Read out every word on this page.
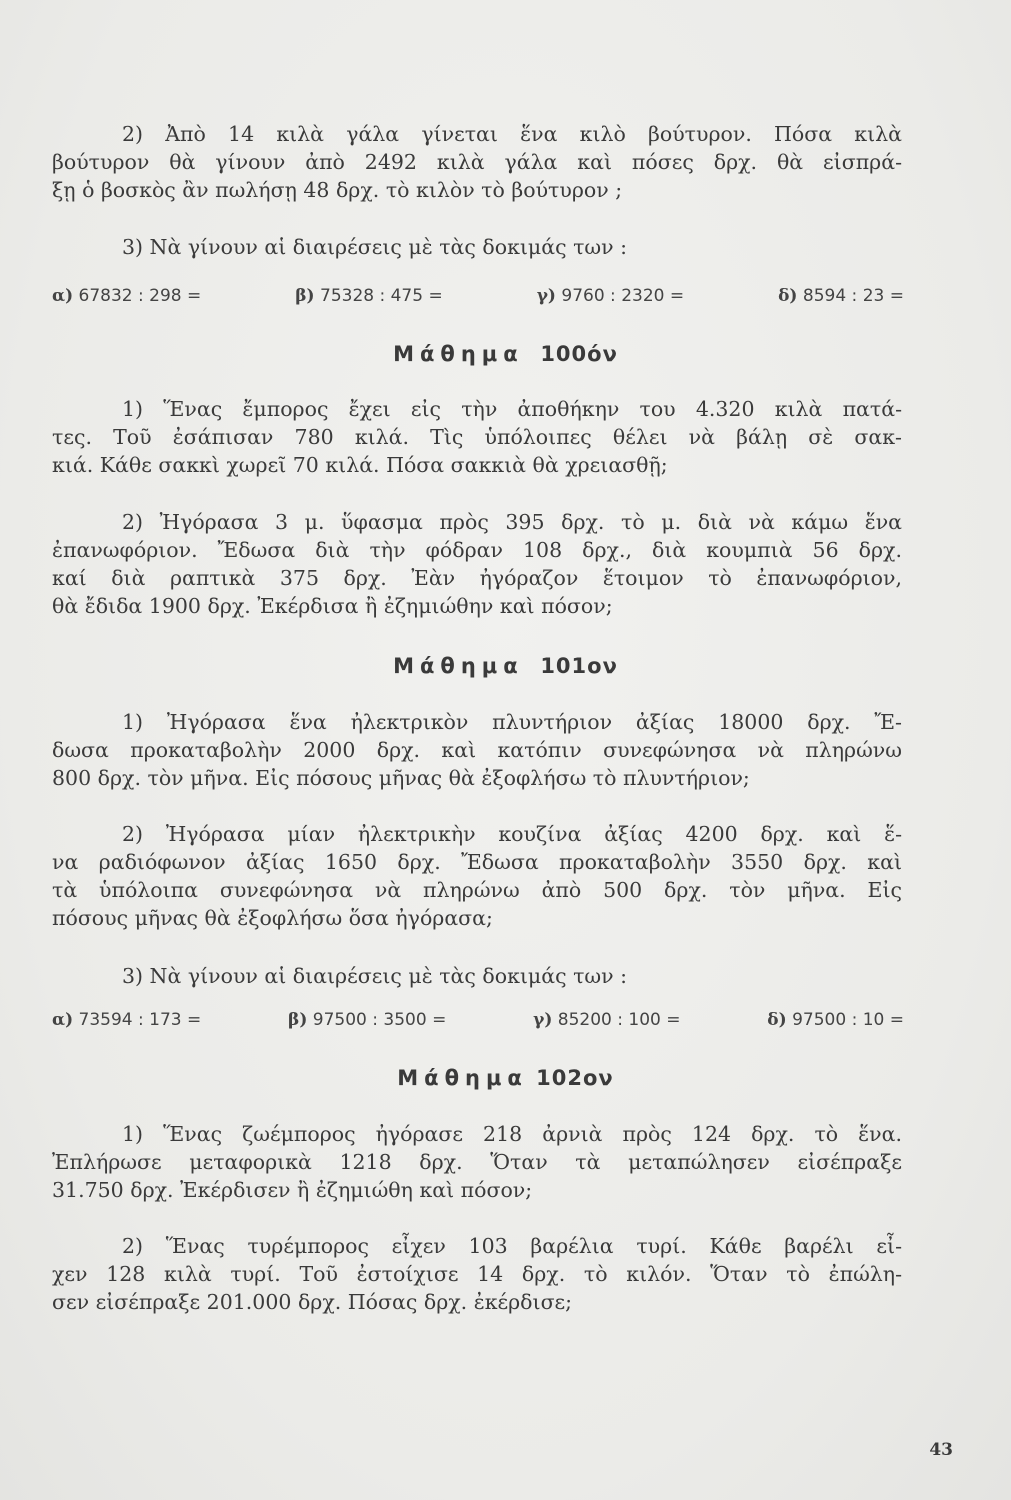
2) Ἀπὸ 14 κιλὰ γάλα γίνεται ἕνα κιλὸ βούτυρον. Πόσα κιλὰ
βούτυρον θὰ γίνουν ἀπὸ 2492 κιλὰ γάλα καὶ πόσες δρχ. θὰ εἰσπρά-
ξῃ ὁ βοσκὸς ἂν πωλήσῃ 48 δρχ. τὸ κιλὸν τὸ βούτυρον ;

3) Νὰ γίνουν αἱ διαιρέσεις μὲ τὰς δοκιμάς των :

α) 67832 : 298 =	β) 75328 : 475 =	γ) 9760 : 2320 =	δ) 8594 : 23 =
Μάθημα 100όν

1) Ἕνας ἔμπορος ἔχει εἰς τὴν ἀποθήκην του 4.320 κιλὰ πατά-
τες. Τοῦ ἐσάπισαν 780 κιλά. Τὶς ὑπόλοιπες θέλει νὰ βάλῃ σὲ σακ-
κιά. Κάθε σακκὶ χωρεῖ 70 κιλά. Πόσα σακκιὰ θὰ χρειασθῇ;

2) Ἠγόρασα 3 μ. ὕφασμα πρὸς 395 δρχ. τὸ μ. διὰ νὰ κάμω ἕνα
ἐπανωφόριον. Ἔδωσα διὰ τὴν φόδραν 108 δρχ., διὰ κουμπιὰ 56 δρχ.
καί διὰ ραπτικὰ 375 δρχ. Ἐὰν ἠγόραζον ἕτοιμον τὸ ἐπανωφόριον,
θὰ ἔδιδα 1900 δρχ. Ἐκέρδισα ἢ ἐζημιώθην καὶ πόσον;

Μάθημα 101ον

1) Ἠγόρασα ἕνα ἠλεκτρικὸν πλυντήριον ἀξίας 18000 δρχ. Ἔ-
δωσα προκαταβολὴν 2000 δρχ. καὶ κατόπιν συνεφώνησα νὰ πληρώνω
800 δρχ. τὸν μῆνα. Εἰς πόσους μῆνας θὰ ἐξοφλήσω τὸ πλυντήριον;

2) Ἠγόρασα μίαν ἠλεκτρικὴν κουζίνα ἀξίας 4200 δρχ. καὶ ἕ-
να ραδιόφωνον ἀξίας 1650 δρχ. Ἔδωσα προκαταβολὴν 3550 δρχ. καὶ
τὰ ὑπόλοιπα συνεφώνησα νὰ πληρώνω ἀπὸ 500 δρχ. τὸν μῆνα. Εἰς
πόσους μῆνας θὰ ἐξοφλήσω ὅσα ἠγόρασα;

3) Νὰ γίνουν αἱ διαιρέσεις μὲ τὰς δοκιμάς των :

α) 73594 : 173 =	β) 97500 : 3500 =	γ) 85200 : 100 =	δ) 97500 : 10 =
Μάθημα 102ον

1) Ἕνας ζωέμπορος ἠγόρασε 218 ἀρνιὰ πρὸς 124 δρχ. τὸ ἕνα.
Ἐπλήρωσε μεταφορικὰ 1218 δρχ. Ὅταν τὰ μεταπώλησεν εἰσέπραξε
31.750 δρχ. Ἐκέρδισεν ἢ ἐζημιώθη καὶ πόσον;

2) Ἕνας τυρέμπορος εἶχεν 103 βαρέλια τυρί. Κάθε βαρέλι εἶ-
χεν 128 κιλὰ τυρί. Τοῦ ἐστοίχισε 14 δρχ. τὸ κιλόν. Ὅταν τὸ ἐπώλη-
σεν εἰσέπραξε 201.000 δρχ. Πόσας δρχ. ἐκέρδισε;

43
